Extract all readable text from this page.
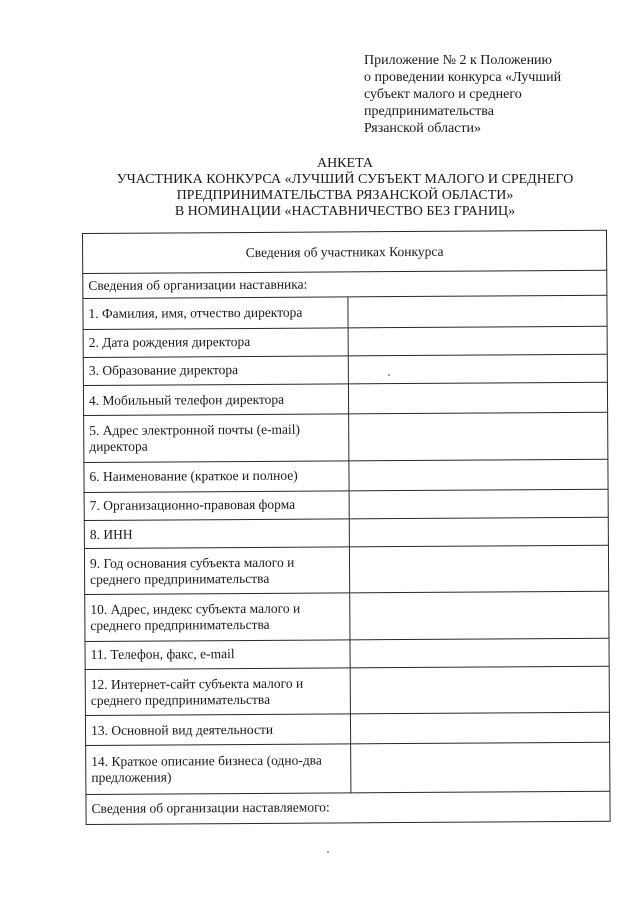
Приложение № 2 к Положению
о проведении конкурса «Лучший
субъект малого и среднего
предпринимательства
Рязанской области»
АНКЕТА
УЧАСТНИКА КОНКУРСА «ЛУЧШИЙ СУБЪЕКТ МАЛОГО И СРЕДНЕГО
ПРЕДПРИНИМАТЕЛЬСТВА РЯЗАНСКОЙ ОБЛАСТИ»
В НОМИНАЦИИ «НАСТАВНИЧЕСТВО БЕЗ ГРАНИЦ»
Сведения об участниках Конкурса	
Сведения об организации наставника:	
1. Фамилия, имя, отчество директора	
2. Дата рождения директора	
3. Образование директора	
4. Мобильный телефон директора	
5. Адрес электронной почты (e-mail) директора	
6. Наименование (краткое и полное)	
7. Организационно-правовая форма	
8. ИНН	
9. Год основания субъекта малого и среднего предпринимательства	
10. Адрес, индекс субъекта малого и среднего предпринимательства	
11. Телефон, факс, e-mail	
12. Интернет-сайт субъекта малого и среднего предпринимательства	
13. Основной вид деятельности	
14. Краткое описание бизнеса (одно-два предложения)	
Сведения об организации наставляемого:	
